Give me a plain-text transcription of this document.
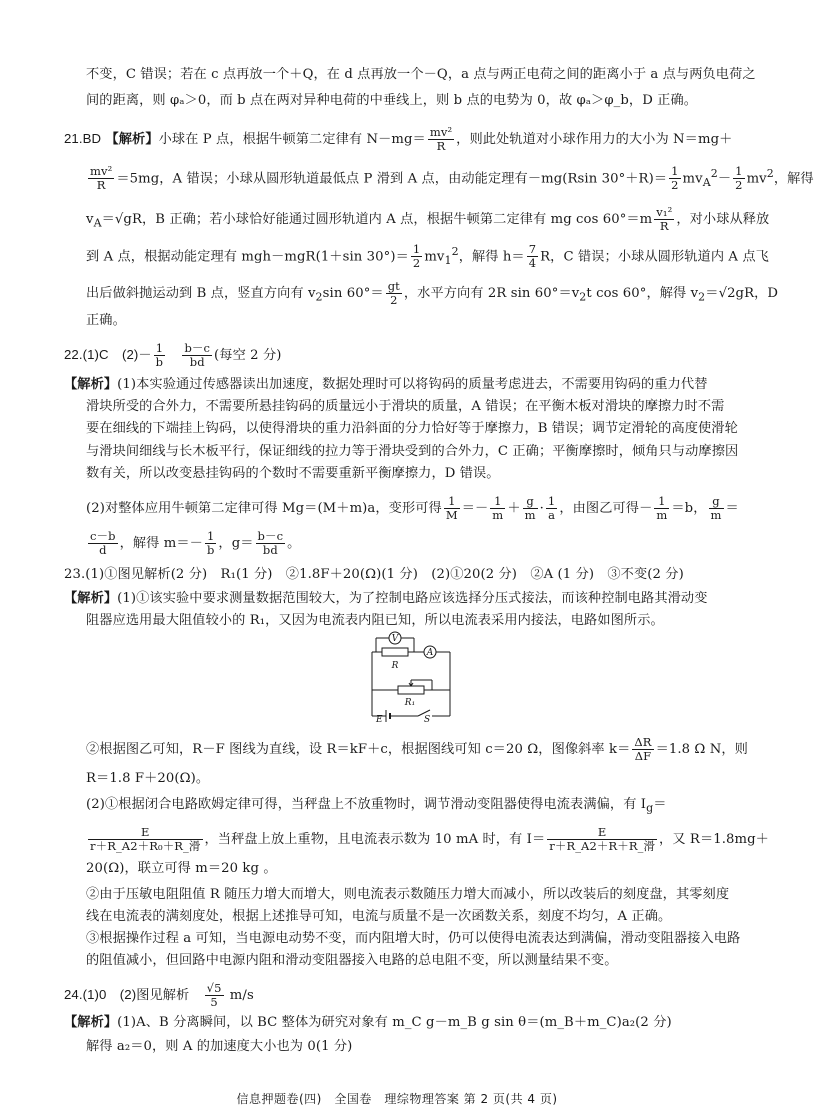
不变，C 错误；若在 c 点再放一个＋Q，在 d 点再放一个－Q，a 点与两正电荷之间的距离小于 a 点与两负电荷之
间的距离，则 φₐ＞0，而 b 点在两对异种电荷的中垂线上，则 b 点的电势为 0，故 φₐ＞φ_b，D 正确。
21.BD 【解析】小球在 P 点，根据牛顿第二定律有 $N-mg= \frac{\text{mv²}}{R}$ ，则此处轨道对小球作用力的大小为 N＝mg＋
$\frac{\text{mv²}}{R} =5mg$，A 错误；小球从圆形轨道最低点 P 滑到 A 点，由动能定理有－mg(Rsin $30^\circ+R)= \frac{1}{2} mv_A^2- \frac{1}{2} mv^2$，解得
$v_A=√gR$，B 正确；若小球恰好能通过圆形轨道内 A 点，根据牛顿第二定律有 mg $\cos 60^\circ=m \frac{\text{v₁²}}{R}$ ，对小球从释放
到 A 点，根据动能定理有 mgh－mgR(1＋sin $30^\circ)= \frac{1}{2} mv_1^2$，解得 $h= \frac{7}{4}$ R，C 错误；小球从圆形轨道内 A 点飞
出后做斜抛运动到 B 点，竖直方向有 $v_2\sin$ $60^\circ= \frac{gt}{2}$ ，水平方向有 2R $\sin 60^\circ=v_2t$ cos 60°，解得 $v_2=√2gR$，D
正确。
22.(1)C　$(2)- \frac{1}{b}$
　 $\frac{b-c}{bd}$ (每空 2 分)
【解析】(1)本实验通过传感器读出加速度，数据处理时可以将钩码的质量考虑进去，不需要用钩码的重力代替
滑块所受的合外力，不需要所悬挂钩码的质量远小于滑块的质量，A 错误；在平衡木板对滑块的摩擦力时不需
要在细线的下端挂上钩码，以使得滑块的重力沿斜面的分力恰好等于摩擦力，B 错误；调节定滑轮的高度使滑轮
与滑块间细线与长木板平行，保证细线的拉力等于滑块受到的合外力，C 正确；平衡摩擦时，倾角只与动摩擦因
数有关，所以改变悬挂钩码的个数时不需要重新平衡摩擦力，D 错误。
(2)对整体应用牛顿第二定律可得 Mg＝(M＋m)a，变形可得 $\frac{1}{M} =- \frac{1}{m} + \frac{g}{m} \cdot \frac{1}{a}$ ，由图乙可得－ $\frac{1}{m} =b$， $\frac{g}{m}$ ＝
$\frac{c-b}{d}$ ，解得 $m=- \frac{1}{b}$ ，$g= \frac{b-c}{bd}$ 。
23.(1)①图见解析(2 分)　R₁(1 分)　②1.8F＋20(Ω)(1 分)　(2)①20(2 分)　②A (1 分)　③不变(2 分)
【解析】(1)①该实验中要求测量数据范围较大，为了控制电路应该选择分压式接法，而该种控制电路其滑动变
阻器应选用最大阻值较小的 R₁，又因为电流表内阻已知，所以电流表采用内接法，电路如图所示。
V
A
R
R₁
E	S
②根据图乙可知，R－F 图线为直线，设 R＝kF＋c，根据图线可知 c＝20 Ω，图像斜率 $k= \frac{\Delta R}{\Delta F} =1.8$ Ω N，则
R＝1.8 F＋20(Ω)。
(2)①根据闭合电路欧姆定律可得，当秤盘上不放重物时，调节滑动变阻器使得电流表满偏，有 $I_g=$
$\frac{E}{\text{r＋R\_A2＋R₀＋R\_滑}}$ ，当秤盘上放上重物，且电流表示数为 10 mA 时，有 $I= \frac{E}{\text{r＋R\_A2＋R＋R\_滑}}$ ，又 R＝1.8mg＋
20(Ω)，联立可得 m＝20 kg 。
②由于压敏电阻阻值 R 随压力增大而增大，则电流表示数随压力增大而减小，所以改装后的刻度盘，其零刻度
线在电流表的满刻度处，根据上述推导可知，电流与质量不是一次函数关系，刻度不均匀，A 正确。
③根据操作过程 a 可知，当电源电动势不变，而内阻增大时，仍可以使得电流表达到满偏，滑动变阻器接入电路
的阻值减小，但回路中电源内阻和滑动变阻器接入电路的总电阻不变，所以测量结果不变。
24.(1)0　(2)图见解析　 $\frac{√5}{5} m/s$
【解析】(1)A、B 分离瞬间，以 BC 整体为研究对象有 m_C g－m_B g sin θ＝(m_B＋m_C)a₂(2 分)
解得 a₂＝0，则 A 的加速度大小也为 0(1 分)
信息押题卷(四)　全国卷　理综物理答案 第 2 页(共 4 页)
